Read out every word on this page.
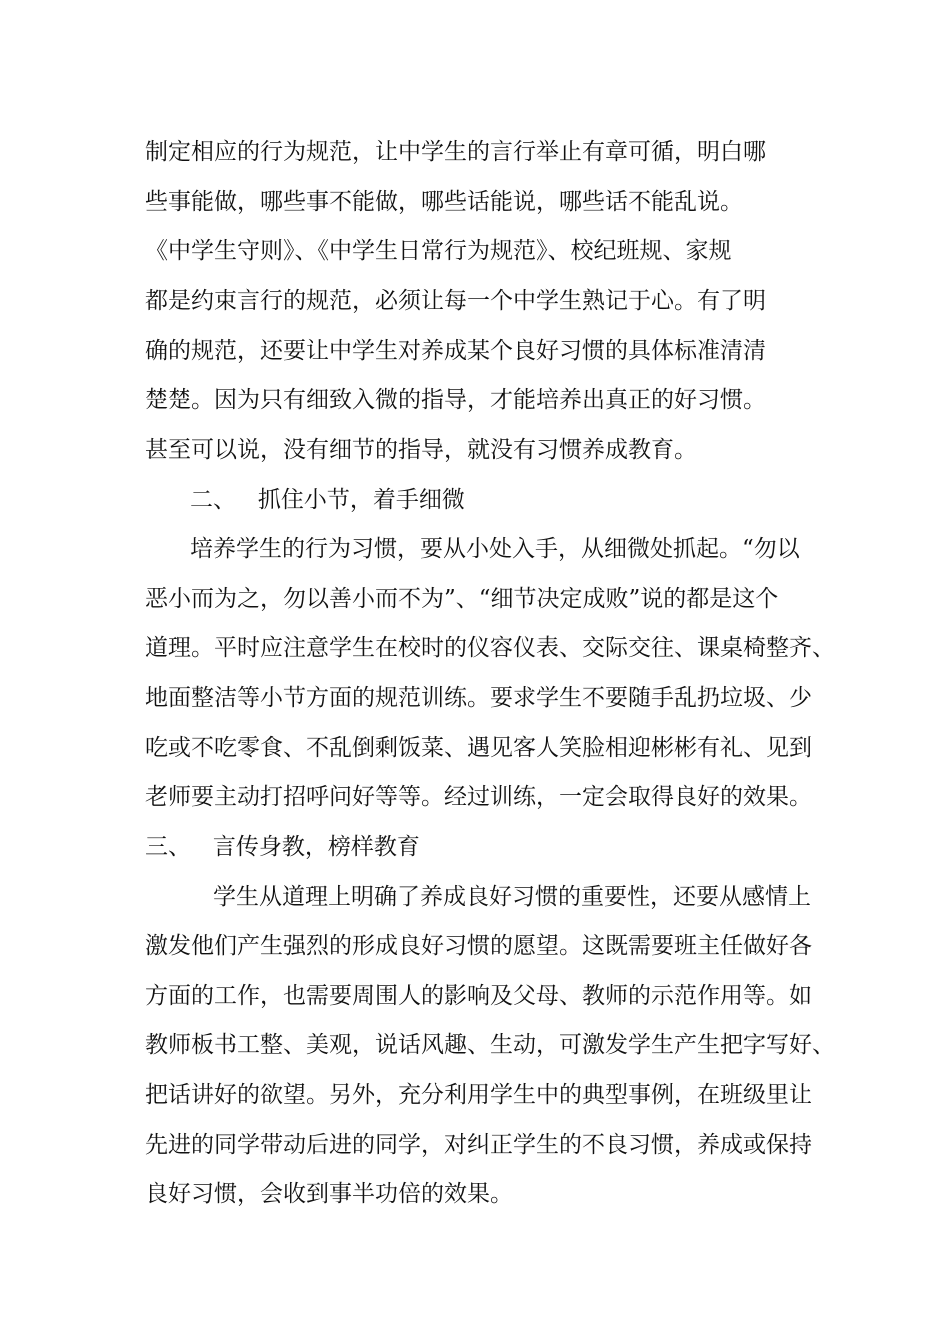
制定相应的行为规范，让中学生的言行举止有章可循，明白哪
些事能做，哪些事不能做，哪些话能说，哪些话不能乱说。
《中学生守则》、《中学生日常行为规范》、校纪班规、家规
都是约束言行的规范，必须让每一个中学生熟记于心。有了明
确的规范，还要让中学生对养成某个良好习惯的具体标准清清
楚楚。因为只有细致入微的指导，才能培养出真正的好习惯。
甚至可以说，没有细节的指导，就没有习惯养成教育。
二、   抓住小节，着手细微
培养学生的行为习惯，要从小处入手，从细微处抓起。“勿以
恶小而为之，勿以善小而不为”、“细节决定成败”说的都是这个
道理。平时应注意学生在校时的仪容仪表、交际交往、课桌椅整齐、
地面整洁等小节方面的规范训练。要求学生不要随手乱扔垃圾、少
吃或不吃零食、不乱倒剩饭菜、遇见客人笑脸相迎彬彬有礼、见到
老师要主动打招呼问好等等。经过训练，一定会取得良好的效果。
三、   言传身教，榜样教育
学生从道理上明确了养成良好习惯的重要性，还要从感情上
激发他们产生强烈的形成良好习惯的愿望。这既需要班主任做好各
方面的工作，也需要周围人的影响及父母、教师的示范作用等。如
教师板书工整、美观，说话风趣、生动，可激发学生产生把字写好、
把话讲好的欲望。另外，充分利用学生中的典型事例，在班级里让
先进的同学带动后进的同学，对纠正学生的不良习惯，养成或保持
良好习惯，会收到事半功倍的效果。
